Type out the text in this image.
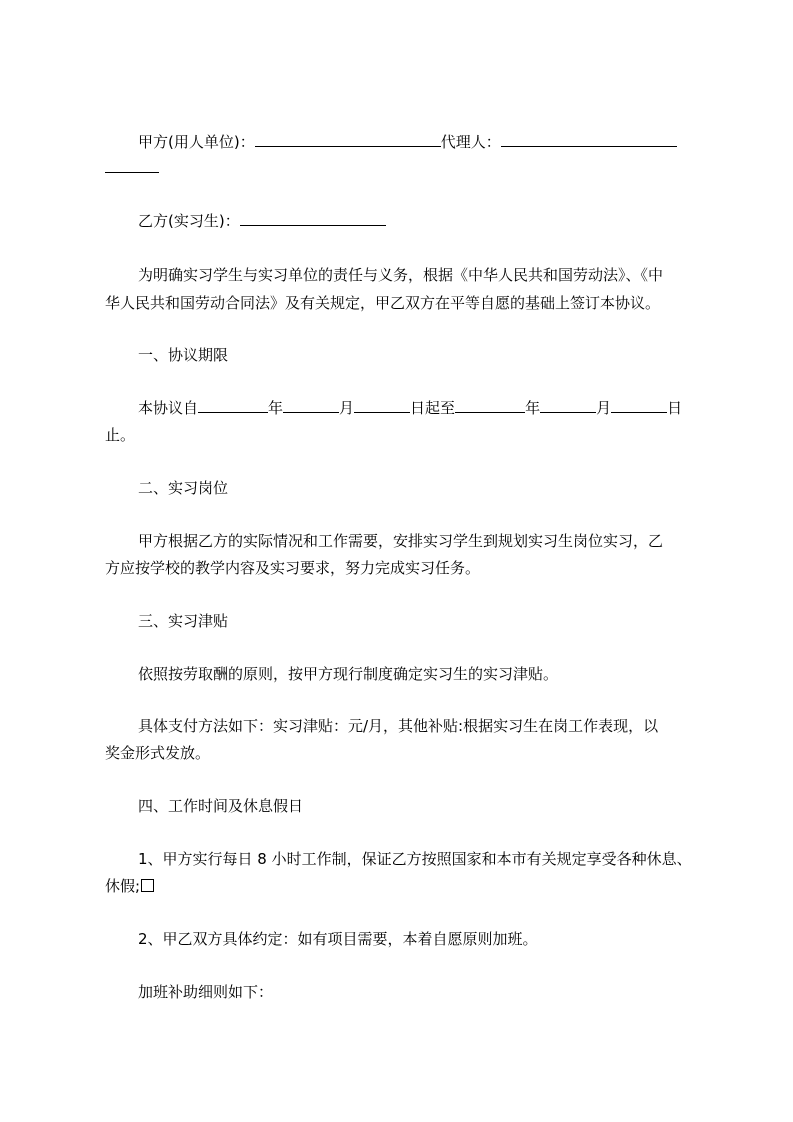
甲方(用人单位)：	代理人：
乙方(实习生)：
为明确实习学生与实习单位的责任与义务，根据《中华人民共和国劳动法》、《中
华人民共和国劳动合同法》及有关规定，甲乙双方在平等自愿的基础上签订本协议。
一、协议期限
本协议自	年	月	日起至	年	月	日
止。
二、实习岗位
甲方根据乙方的实际情况和工作需要，安排实习学生到规划实习生岗位实习，乙
方应按学校的教学内容及实习要求，努力完成实习任务。
三、实习津贴
依照按劳取酬的原则，按甲方现行制度确定实习生的实习津贴。
具体支付方法如下：实习津贴：元/月，其他补贴:根据实习生在岗工作表现，以
奖金形式发放。
四、工作时间及休息假日
1、甲方实行每日 8 小时工作制，保证乙方按照国家和本市有关规定享受各种休息、
休假;
2、甲乙双方具体约定：如有项目需要，本着自愿原则加班。
加班补助细则如下：
